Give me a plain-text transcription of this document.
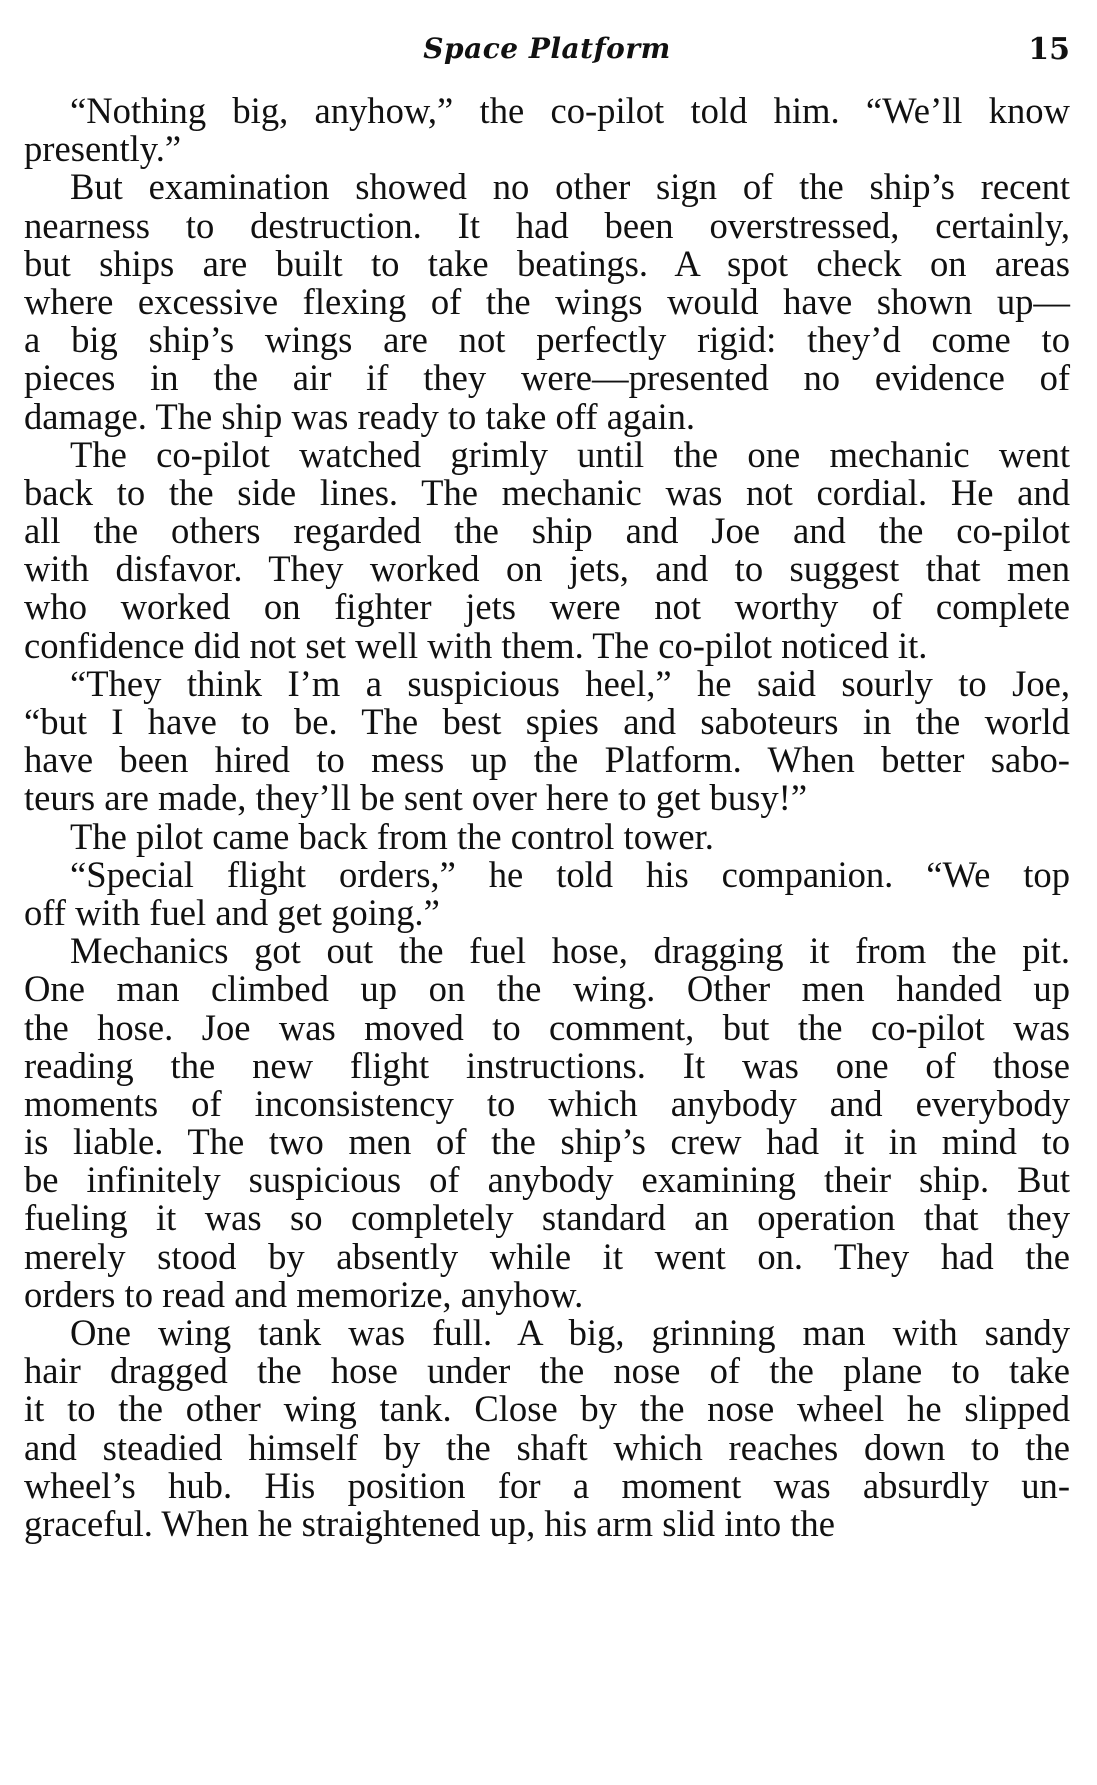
Space Platform	15
“Nothing big, anyhow,” the co-pilot told him. “We’ll know
presently.”
But examination showed no other sign of the ship’s recent
nearness to destruction. It had been overstressed, certainly,
but ships are built to take beatings. A spot check on areas
where excessive flexing of the wings would have shown up—
a big ship’s wings are not perfectly rigid: they’d come to
pieces in the air if they were—presented no evidence of
damage. The ship was ready to take off again.
The co-pilot watched grimly until the one mechanic went
back to the side lines. The mechanic was not cordial. He and
all the others regarded the ship and Joe and the co-pilot
with disfavor. They worked on jets, and to suggest that men
who worked on fighter jets were not worthy of complete
confidence did not set well with them. The co-pilot noticed it.
“They think I’m a suspicious heel,” he said sourly to Joe,
“but I have to be. The best spies and saboteurs in the world
have been hired to mess up the Platform. When better sabo-
teurs are made, they’ll be sent over here to get busy!”
The pilot came back from the control tower.
“Special flight orders,” he told his companion. “We top
off with fuel and get going.”
Mechanics got out the fuel hose, dragging it from the pit.
One man climbed up on the wing. Other men handed up
the hose. Joe was moved to comment, but the co-pilot was
reading the new flight instructions. It was one of those
moments of inconsistency to which anybody and everybody
is liable. The two men of the ship’s crew had it in mind to
be infinitely suspicious of anybody examining their ship. But
fueling it was so completely standard an operation that they
merely stood by absently while it went on. They had the
orders to read and memorize, anyhow.
One wing tank was full. A big, grinning man with sandy
hair dragged the hose under the nose of the plane to take
it to the other wing tank. Close by the nose wheel he slipped
and steadied himself by the shaft which reaches down to the
wheel’s hub. His position for a moment was absurdly un-
graceful. When he straightened up, his arm slid into the
